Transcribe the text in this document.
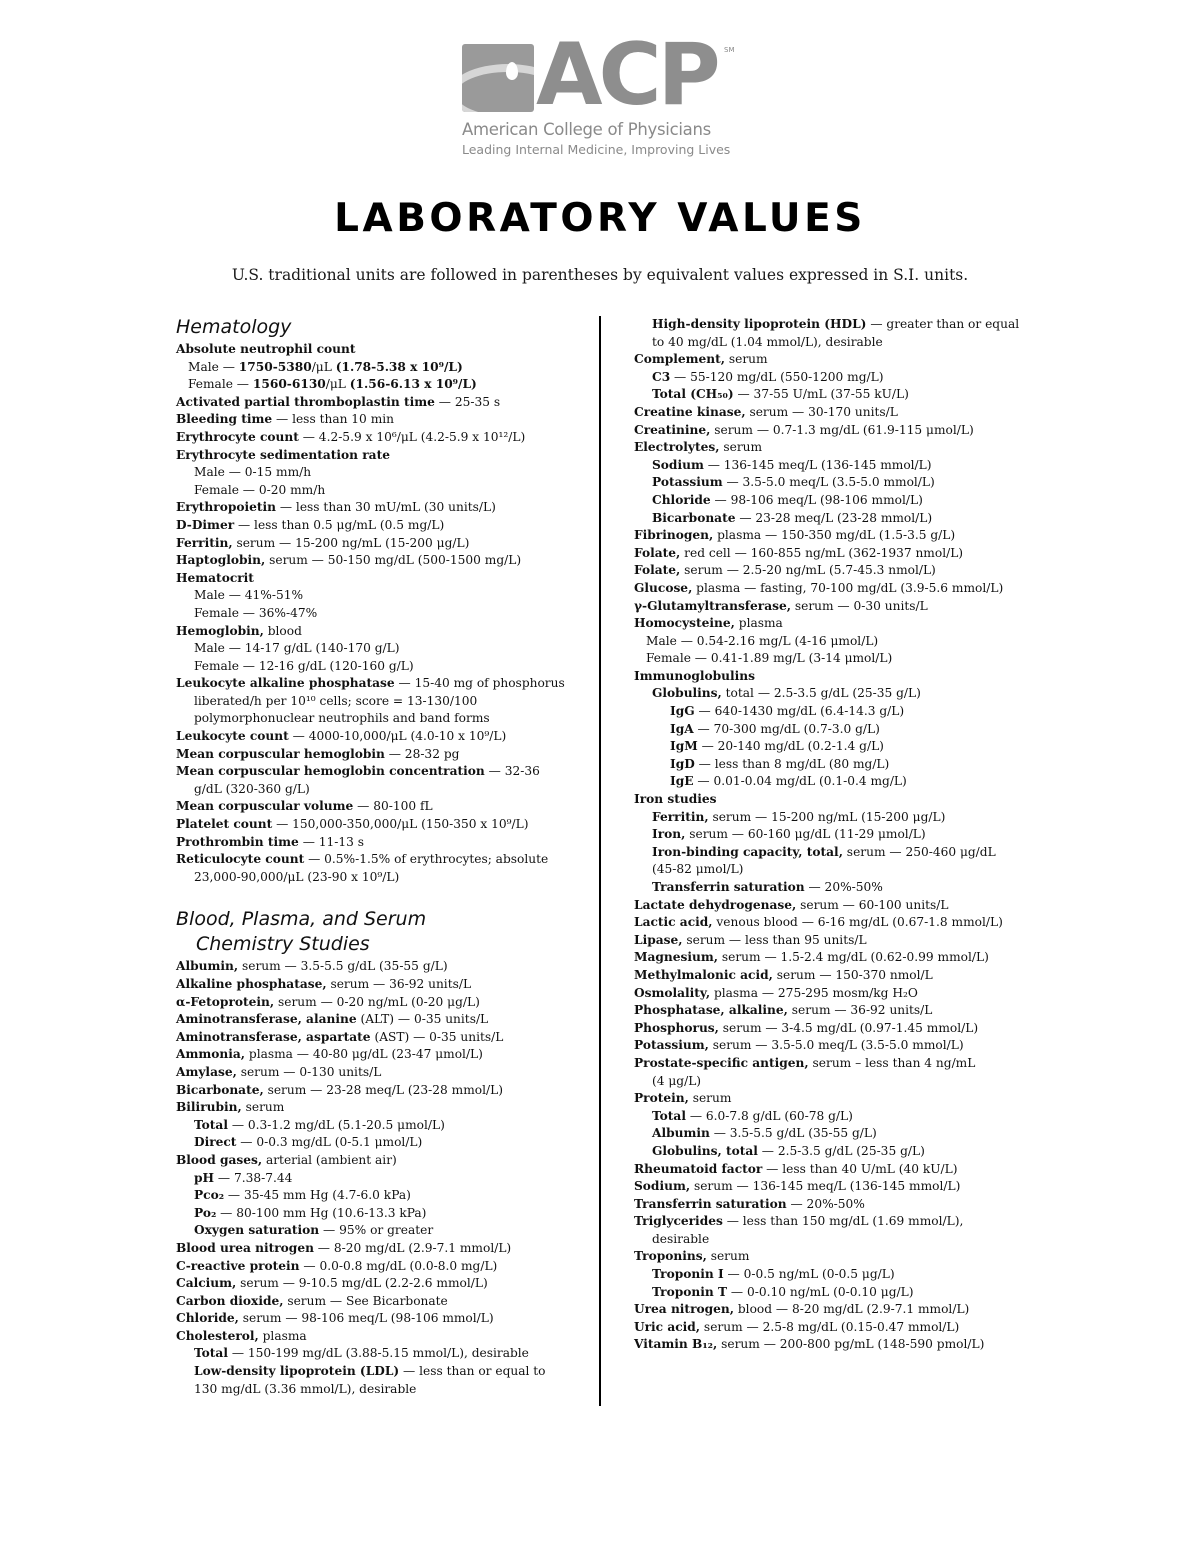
ACP SM
American College of Physicians
Leading Internal Medicine, Improving Lives
LABORATORY VALUES
U.S. traditional units are followed in parentheses by equivalent values expressed in S.I. units.
Hematology
Absolute neutrophil count
Male — 1750-5380/μL (1.78-5.38 x 10⁹/L)
Female — 1560-6130/μL (1.56-6.13 x 10⁹/L)
Activated partial thromboplastin time — 25-35 s
Bleeding time — less than 10 min
Erythrocyte count — 4.2-5.9 x 10⁶/μL (4.2-5.9 x 10¹²/L)
Erythrocyte sedimentation rate
Male — 0-15 mm/h
Female — 0-20 mm/h
Erythropoietin — less than 30 mU/mL (30 units/L)
D-Dimer — less than 0.5 μg/mL (0.5 mg/L)
Ferritin, serum — 15-200 ng/mL (15-200 μg/L)
Haptoglobin, serum — 50-150 mg/dL (500-1500 mg/L)
Hematocrit
Male — 41%-51%
Female — 36%-47%
Hemoglobin, blood
Male — 14-17 g/dL (140-170 g/L)
Female — 12-16 g/dL (120-160 g/L)
Leukocyte alkaline phosphatase — 15-40 mg of phosphorus
liberated/h per 10¹⁰ cells; score = 13-130/100
polymorphonuclear neutrophils and band forms
Leukocyte count — 4000-10,000/μL (4.0-10 x 10⁹/L)
Mean corpuscular hemoglobin — 28-32 pg
Mean corpuscular hemoglobin concentration — 32-36
g/dL (320-360 g/L)
Mean corpuscular volume — 80-100 fL
Platelet count — 150,000-350,000/μL (150-350 x 10⁹/L)
Prothrombin time — 11-13 s
Reticulocyte count — 0.5%-1.5% of erythrocytes; absolute
23,000-90,000/μL (23-90 x 10⁹/L)
Blood, Plasma, and Serum
Chemistry Studies
Albumin, serum — 3.5-5.5 g/dL (35-55 g/L)
Alkaline phosphatase, serum — 36-92 units/L
α-Fetoprotein, serum — 0-20 ng/mL (0-20 μg/L)
Aminotransferase, alanine (ALT) — 0-35 units/L
Aminotransferase, aspartate (AST) — 0-35 units/L
Ammonia, plasma — 40-80 μg/dL (23-47 μmol/L)
Amylase, serum — 0-130 units/L
Bicarbonate, serum — 23-28 meq/L (23-28 mmol/L)
Bilirubin, serum
Total — 0.3-1.2 mg/dL (5.1-20.5 μmol/L)
Direct — 0-0.3 mg/dL (0-5.1 μmol/L)
Blood gases, arterial (ambient air)
pH — 7.38-7.44
Pco₂ — 35-45 mm Hg (4.7-6.0 kPa)
Po₂ — 80-100 mm Hg (10.6-13.3 kPa)
Oxygen saturation — 95% or greater
Blood urea nitrogen — 8-20 mg/dL (2.9-7.1 mmol/L)
C-reactive protein — 0.0-0.8 mg/dL (0.0-8.0 mg/L)
Calcium, serum — 9-10.5 mg/dL (2.2-2.6 mmol/L)
Carbon dioxide, serum — See Bicarbonate
Chloride, serum — 98-106 meq/L (98-106 mmol/L)
Cholesterol, plasma
Total — 150-199 mg/dL (3.88-5.15 mmol/L), desirable
Low-density lipoprotein (LDL) — less than or equal to
130 mg/dL (3.36 mmol/L), desirable
High-density lipoprotein (HDL) — greater than or equal
to 40 mg/dL (1.04 mmol/L), desirable
Complement, serum
C3 — 55-120 mg/dL (550-1200 mg/L)
Total (CH₅₀) — 37-55 U/mL (37-55 kU/L)
Creatine kinase, serum — 30-170 units/L
Creatinine, serum — 0.7-1.3 mg/dL (61.9-115 μmol/L)
Electrolytes, serum
Sodium — 136-145 meq/L (136-145 mmol/L)
Potassium — 3.5-5.0 meq/L (3.5-5.0 mmol/L)
Chloride — 98-106 meq/L (98-106 mmol/L)
Bicarbonate — 23-28 meq/L (23-28 mmol/L)
Fibrinogen, plasma — 150-350 mg/dL (1.5-3.5 g/L)
Folate, red cell — 160-855 ng/mL (362-1937 nmol/L)
Folate, serum — 2.5-20 ng/mL (5.7-45.3 nmol/L)
Glucose, plasma — fasting, 70-100 mg/dL (3.9-5.6 mmol/L)
γ-Glutamyltransferase, serum — 0-30 units/L
Homocysteine, plasma
Male — 0.54-2.16 mg/L (4-16 μmol/L)
Female — 0.41-1.89 mg/L (3-14 μmol/L)
Immunoglobulins
Globulins, total — 2.5-3.5 g/dL (25-35 g/L)
IgG — 640-1430 mg/dL (6.4-14.3 g/L)
IgA — 70-300 mg/dL (0.7-3.0 g/L)
IgM — 20-140 mg/dL (0.2-1.4 g/L)
IgD — less than 8 mg/dL (80 mg/L)
IgE — 0.01-0.04 mg/dL (0.1-0.4 mg/L)
Iron studies
Ferritin, serum — 15-200 ng/mL (15-200 μg/L)
Iron, serum — 60-160 μg/dL (11-29 μmol/L)
Iron-binding capacity, total, serum — 250-460 μg/dL
(45-82 μmol/L)
Transferrin saturation — 20%-50%
Lactate dehydrogenase, serum — 60-100 units/L
Lactic acid, venous blood — 6-16 mg/dL (0.67-1.8 mmol/L)
Lipase, serum — less than 95 units/L
Magnesium, serum — 1.5-2.4 mg/dL (0.62-0.99 mmol/L)
Methylmalonic acid, serum — 150-370 nmol/L
Osmolality, plasma — 275-295 mosm/kg H₂O
Phosphatase, alkaline, serum — 36-92 units/L
Phosphorus, serum — 3-4.5 mg/dL (0.97-1.45 mmol/L)
Potassium, serum — 3.5-5.0 meq/L (3.5-5.0 mmol/L)
Prostate-specific antigen, serum – less than 4 ng/mL
(4 μg/L)
Protein, serum
Total — 6.0-7.8 g/dL (60-78 g/L)
Albumin — 3.5-5.5 g/dL (35-55 g/L)
Globulins, total — 2.5-3.5 g/dL (25-35 g/L)
Rheumatoid factor — less than 40 U/mL (40 kU/L)
Sodium, serum — 136-145 meq/L (136-145 mmol/L)
Transferrin saturation — 20%-50%
Triglycerides — less than 150 mg/dL (1.69 mmol/L),
desirable
Troponins, serum
Troponin I — 0-0.5 ng/mL (0-0.5 μg/L)
Troponin T — 0-0.10 ng/mL (0-0.10 μg/L)
Urea nitrogen, blood — 8-20 mg/dL (2.9-7.1 mmol/L)
Uric acid, serum — 2.5-8 mg/dL (0.15-0.47 mmol/L)
Vitamin B₁₂, serum — 200-800 pg/mL (148-590 pmol/L)
